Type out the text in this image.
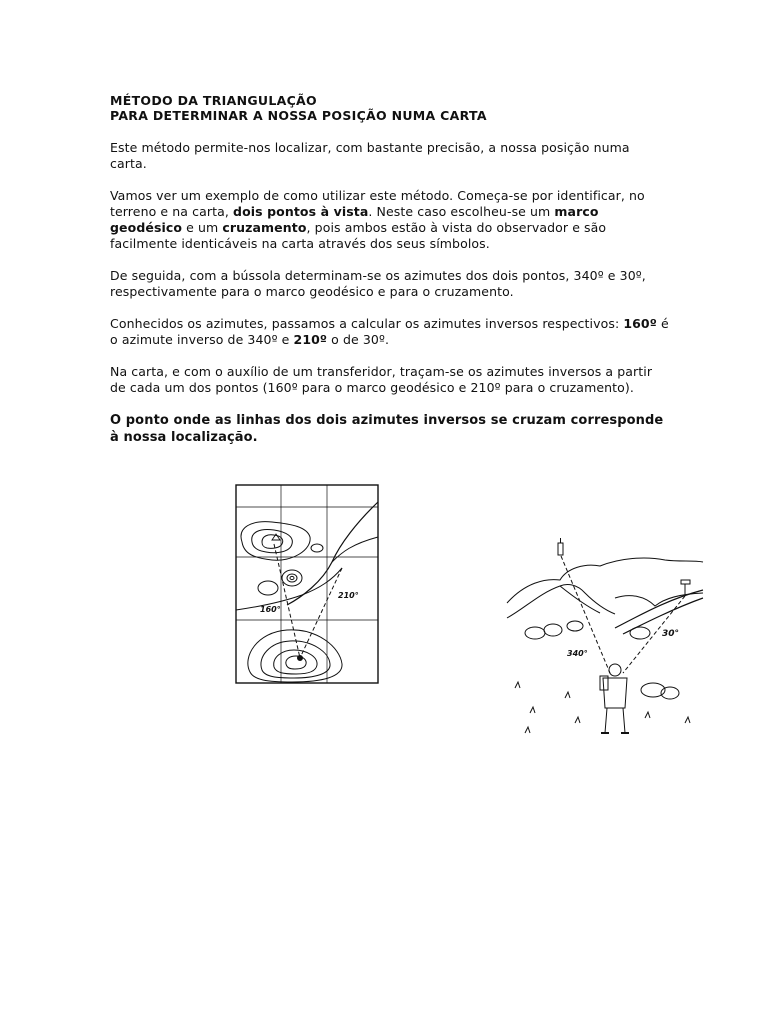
MÉTODO DA TRIANGULAÇÃO
PARA DETERMINAR A NOSSA POSIÇÃO NUMA CARTA

Este método permite-nos localizar, com bastante precisão, a nossa posição numa carta.

Vamos ver um exemplo de como utilizar este método. Começa-se por identificar, no terreno e na carta, dois pontos à vista. Neste caso escolheu-se um marco geodésico e um cruzamento, pois ambos estão à vista do observador e são facilmente identicáveis na carta através dos seus símbolos.

De seguida, com a bússola determinam-se os azimutes dos dois pontos, 340º e 30º, respectivamente para o marco geodésico e para o cruzamento.

Conhecidos os azimutes, passamos a calcular os azimutes inversos respectivos: 160º é o azimute inverso de 340º e 210º o de 30º.

Na carta, e com o auxílio de um transferidor, traçam-se os azimutes inversos a partir de cada um dos pontos (160º para o marco geodésico e 210º para o cruzamento).

O ponto onde as linhas dos dois azimutes inversos se cruzam corresponde à nossa localização.

160°
210°
340°
30°
